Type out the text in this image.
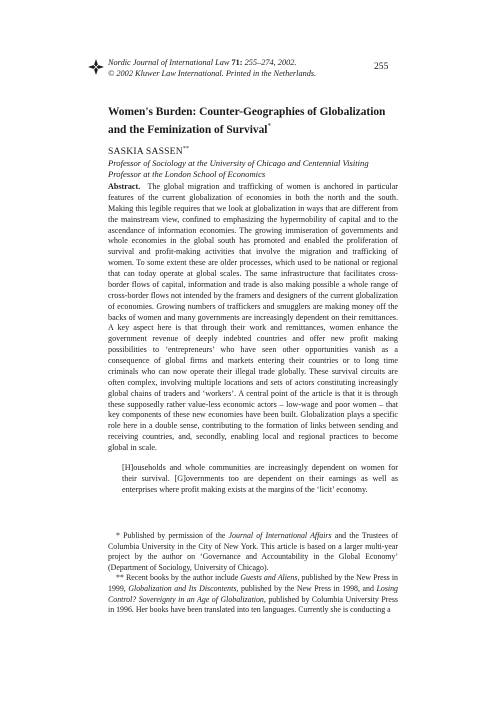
Nordic Journal of International Law 71: 255–274, 2002.
© 2002 Kluwer Law International. Printed in the Netherlands.
255
Women's Burden: Counter-Geographies of Globalization and the Feminization of Survival*
SASKIA SASSEN**
Professor of Sociology at the University of Chicago and Centennial Visiting Professor at the London School of Economics

Abstract. The global migration and trafficking of women is anchored in particular features of the current globalization of economies in both the north and the south. Making this legible requires that we look at globalization in ways that are different from the mainstream view, confined to emphasizing the hypermobility of capital and to the ascendance of information economies. The growing immiseration of governments and whole economies in the global south has promoted and enabled the proliferation of survival and profit-making activities that involve the migration and trafficking of women. To some extent these are older processes, which used to be national or regional that can today operate at global scales. The same infrastructure that facilitates cross-border flows of capital, information and trade is also making possible a whole range of cross-border flows not intended by the framers and designers of the current globalization of economies. Growing numbers of traffickers and smugglers are making money off the backs of women and many governments are increasingly dependent on their remittances. A key aspect here is that through their work and remittances, women enhance the government revenue of deeply indebted countries and offer new profit making possibilities to ‘entrepreneurs’ who have seen other opportunities vanish as a consequence of global firms and markets entering their countries or to long time criminals who can now operate their illegal trade globally. These survival circuits are often complex, involving multiple locations and sets of actors constituting increasingly global chains of traders and ‘workers’. A central point of the article is that it is through these supposedly rather value-less economic actors – low-wage and poor women – that key components of these new economies have been built. Globalization plays a specific role here in a double sense, contributing to the formation of links between sending and receiving countries, and, secondly, enabling local and regional practices to become global in scale.

[H]ouseholds and whole communities are increasingly dependent on women for their survival. [G]overnments too are dependent on their earnings as well as enterprises where profit making exists at the margins of the ‘licit’ economy.

* Published by permission of the Journal of International Affairs and the Trustees of Columbia University in the City of New York. This article is based on a larger multi-year project by the author on ‘Governance and Accountability in the Global Economy’ (Department of Sociology, University of Chicago).

** Recent books by the author include Guests and Aliens, published by the New Press in 1999, Globalization and Its Discontents, published by the New Press in 1998, and Losing Control? Sovereignty in an Age of Globalization, published by Columbia University Press in 1996. Her books have been translated into ten languages. Currently she is conducting a
